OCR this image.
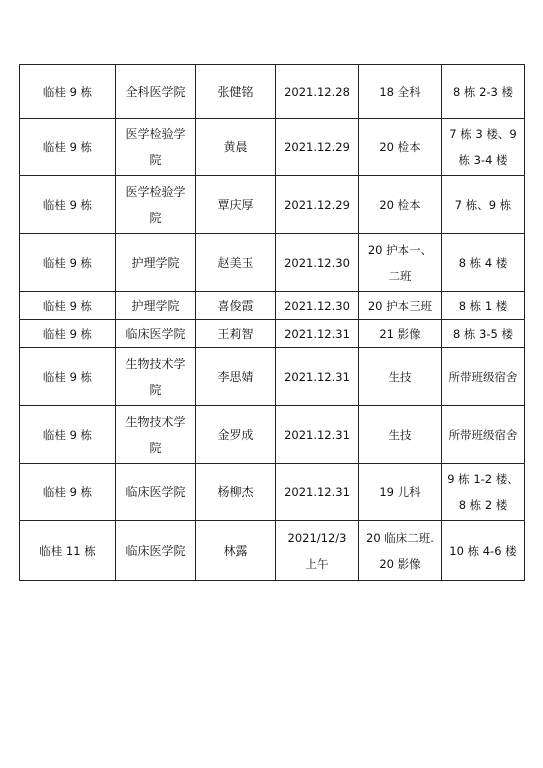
临桂 9 栋	全科医学院	张健铭	2021.12.28	18 全科	8 栋 2-3 楼
临桂 9 栋	医学检验学院	黄晨	2021.12.29	20 检本	7 栋 3 楼、9 栋 3-4 楼
临桂 9 栋	医学检验学院	覃庆厚	2021.12.29	20 检本	7 栋、9 栋
临桂 9 栋	护理学院	赵美玉	2021.12.30	20 护本一、二班	8 栋 4 楼
临桂 9 栋	护理学院	喜俊霞	2021.12.30	20 护本三班	8 栋 1 楼
临桂 9 栋	临床医学院	王莉智	2021.12.31	21 影像	8 栋 3-5 楼
临桂 9 栋	生物技术学院	李思婧	2021.12.31	生技	所带班级宿舍
临桂 9 栋	生物技术学院	金罗成	2021.12.31	生技	所带班级宿舍
临桂 9 栋	临床医学院	杨柳杰	2021.12.31	19 儿科	9 栋 1-2 楼、8 栋 2 楼
临桂 11 栋	临床医学院	林露	2021/12/3 上午	20 临床二班.20 影像	10 栋 4-6 楼
